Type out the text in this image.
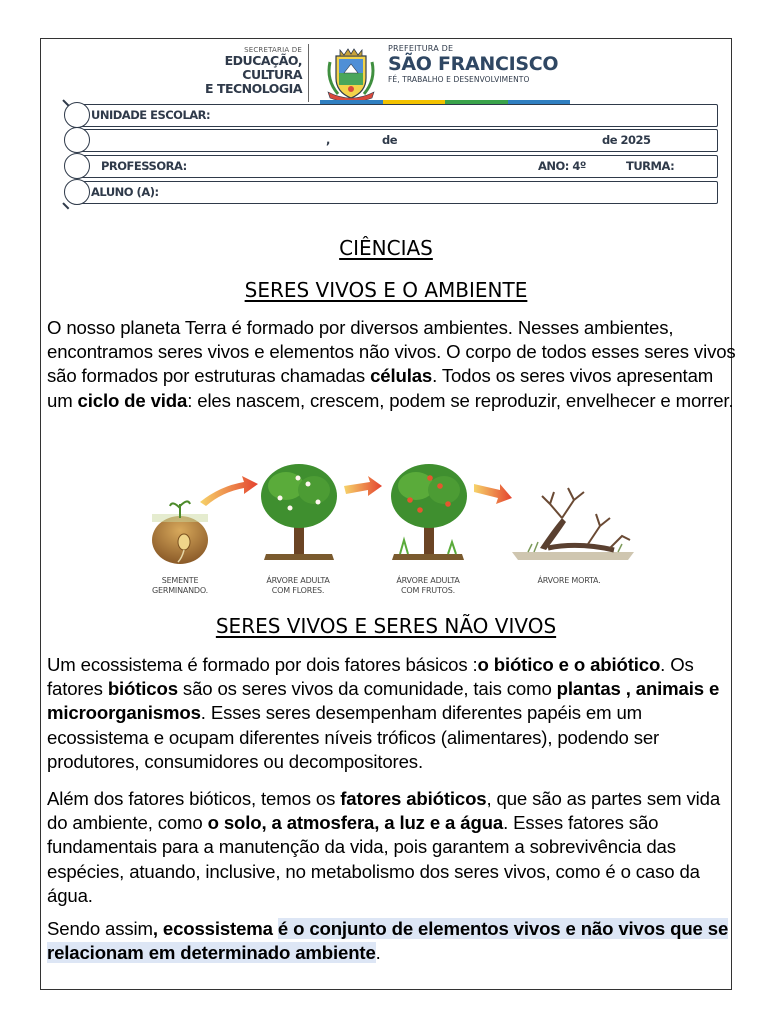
SECRETARIA DE
EDUCAÇÃO,
CULTURA
E TECNOLOGIA
PREFEITURA DE
SÃO FRANCISCO
FÉ, TRABALHO E DESENVOLVIMENTO
UNIDADE ESCOLAR:
,	de	de 2025
PROFESSORA:	ANO: 4º	TURMA:
ALUNO (A):
CIÊNCIAS
SERES VIVOS E O AMBIENTE
O nosso planeta Terra é formado por diversos ambientes. Nesses ambientes, encontramos seres vivos e elementos não vivos. O corpo de todos esses seres vivos são formados por estruturas chamadas células. Todos os seres vivos apresentam um ciclo de vida: eles nascem, crescem, podem se reproduzir, envelhecer e morrer.
SEMENTE
GERMINANDO.
ÁRVORE ADULTA
COM FLORES.
ÁRVORE ADULTA
COM FRUTOS.
ÁRVORE MORTA.
SERES VIVOS E SERES NÃO VIVOS
Um ecossistema é formado por dois fatores básicos :o biótico e o abiótico. Os fatores bióticos são os seres vivos da comunidade, tais como plantas , animais e microorganismos. Esses seres desempenham diferentes papéis em um ecossistema e ocupam diferentes níveis tróficos (alimentares), podendo ser produtores, consumidores ou decompositores.
Além dos fatores bióticos, temos os fatores abióticos, que são as partes sem vida do ambiente, como o solo, a atmosfera, a luz e a água. Esses fatores são fundamentais para a manutenção da vida, pois garantem a sobrevivência das espécies, atuando, inclusive, no metabolismo dos seres vivos, como é o caso da água.
Sendo assim, ecossistema é o conjunto de elementos vivos e não vivos que se relacionam em determinado ambiente.
